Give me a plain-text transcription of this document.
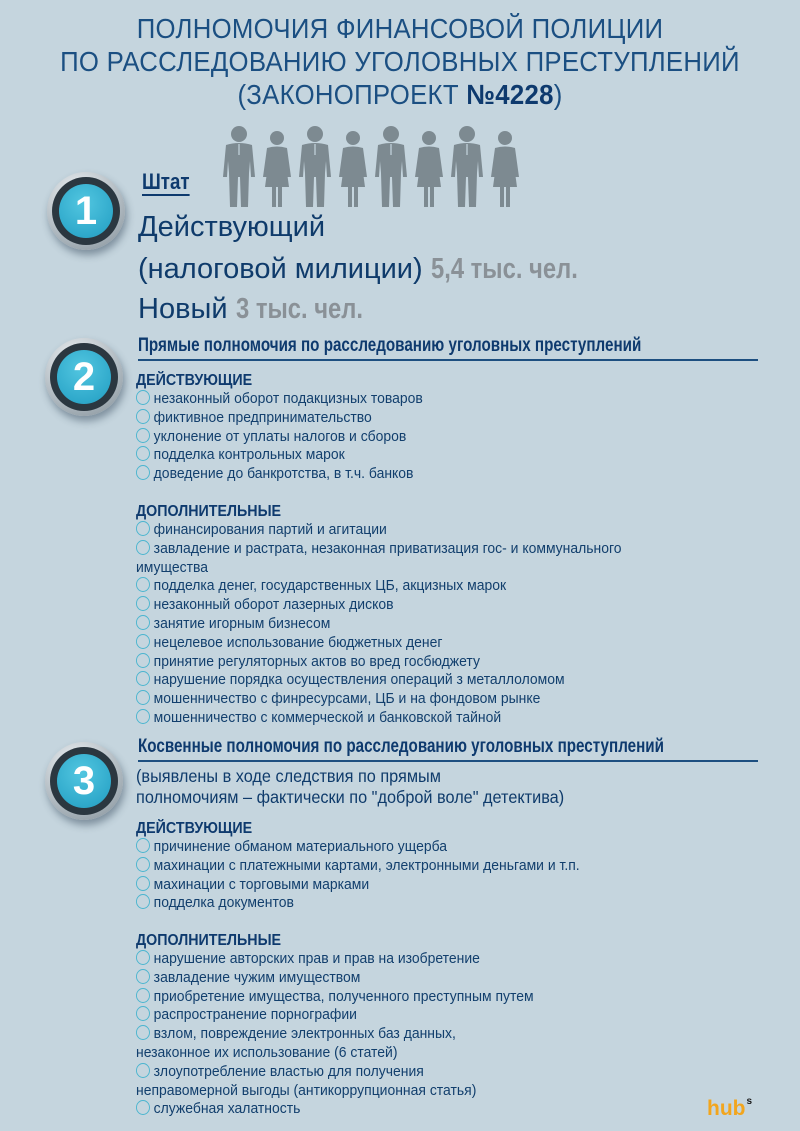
ПОЛНОМОЧИЯ ФИНАНСОВОЙ ПОЛИЦИИ
ПО РАССЛЕДОВАНИЮ УГОЛОВНЫХ ПРЕСТУПЛЕНИЙ
(ЗАКОНОПРОЕКТ №4228)
1
Штат
Действующий
(налоговой милиции) 5,4 тыс. чел.
Новый 3 тыс. чел.
2
Прямые полномочия по расследованию уголовных преступлений
ДЕЙСТВУЮЩИЕ
незаконный оборот подакцизных товаров
фиктивное предпринимательство
уклонение от уплаты налогов и сборов
подделка контрольных марок
доведение до банкротства, в т.ч. банков
ДОПОЛНИТЕЛЬНЫЕ
финансирования партий и агитации
завладение и растрата, незаконная приватизация гос- и коммунального
имущества
подделка денег, государственных ЦБ, акцизных марок
незаконный оборот лазерных дисков
занятие игорным бизнесом
нецелевое использование бюджетных денег
принятие регуляторных актов во вред госбюджету
нарушение порядка осуществления операций з металлоломом
мошенничество с финресурсами, ЦБ и на фондовом рынке
мошенничество с коммерческой и банковской тайной
3
Косвенные полномочия по расследованию уголовных преступлений
(выявлены в ходе следствия по прямым
полномочиям – фактически по "доброй воле" детектива)
ДЕЙСТВУЮЩИЕ
причинение обманом материального ущерба
махинации с платежными картами, электронными деньгами и т.п.
махинации с торговыми марками
подделка документов
ДОПОЛНИТЕЛЬНЫЕ
нарушение авторских прав и прав на изобретение
завладение чужим имуществом
приобретение имущества, полученного преступным путем
распространение порнографии
взлом, повреждение электронных баз данных,
незаконное их использование (6 статей)
злоупотребление властью для получения
неправомерной выгоды (антикоррупционная статья)
служебная халатность	hub$^s$
